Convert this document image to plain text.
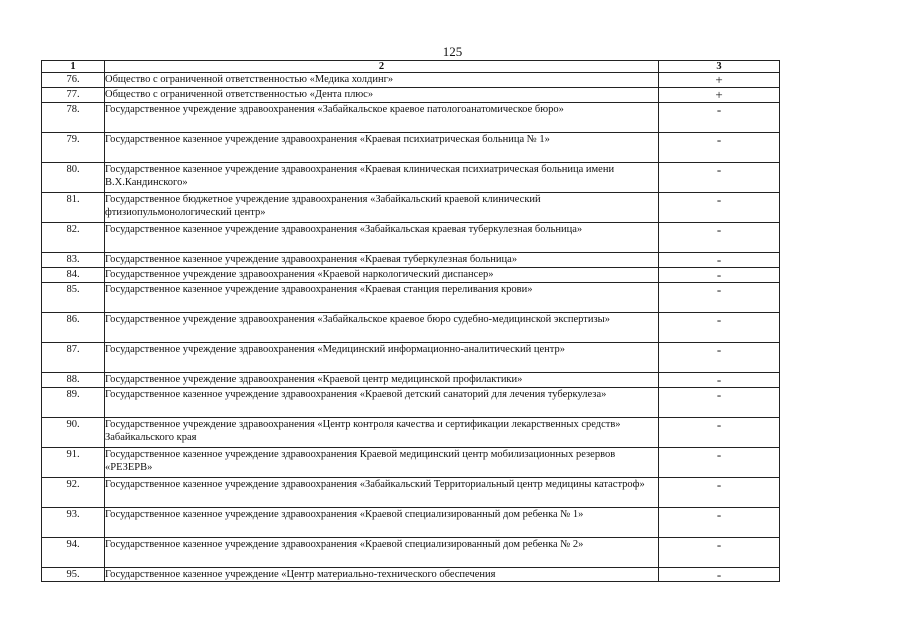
125
1	2	3
76.	Общество с ограниченной ответственностью «Медика холдинг»	+
77.	Общество с ограниченной ответственностью «Дента плюс»	+
78.	Государственное учреждение здравоохранения «Забайкальское краевое патологоанатомическое бюро»	-
79.	Государственное казенное учреждение здравоохранения «Краевая психиатрическая больница № 1»	-
80.	Государственное казенное учреждение здравоохранения «Краевая клиническая психиатрическая больница имени В.Х.Кандинского»	-
81.	Государственное бюджетное учреждение здравоохранения «Забайкальский краевой клинический фтизиопульмонологический центр»	-
82.	Государственное казенное учреждение здравоохранения «Забайкальская краевая туберкулезная больница»	-
83.	Государственное казенное учреждение здравоохранения «Краевая туберкулезная больница»	-
84.	Государственное учреждение здравоохранения «Краевой наркологический диспансер»	-
85.	Государственное казенное учреждение здравоохранения «Краевая станция переливания крови»	-
86.	Государственное учреждение здравоохранения «Забайкальское краевое бюро судебно-медицинской экспертизы»	-
87.	Государственное учреждение здравоохранения «Медицинский информационно-аналитический центр»	-
88.	Государственное учреждение здравоохранения «Краевой центр медицинской профилактики»	-
89.	Государственное казенное учреждение здравоохранения «Краевой детский санаторий для лечения туберкулеза»	-
90.	Государственное учреждение здравоохранения «Центр контроля качества и сертификации лекарственных средств» Забайкальского края	-
91.	Государственное казенное учреждение здравоохранения Краевой медицинский центр мобилизационных резервов «РЕЗЕРВ»	-
92.	Государственное казенное учреждение здравоохранения «Забайкальский Территориальный центр медицины катастроф»	-
93.	Государственное казенное учреждение здравоохранения «Краевой специализированный дом ребенка № 1»	-
94.	Государственное казенное учреждение здравоохранения «Краевой специализированный дом ребенка № 2»	-
95.	Государственное казенное учреждение «Центр материально-технического обеспечения	-
